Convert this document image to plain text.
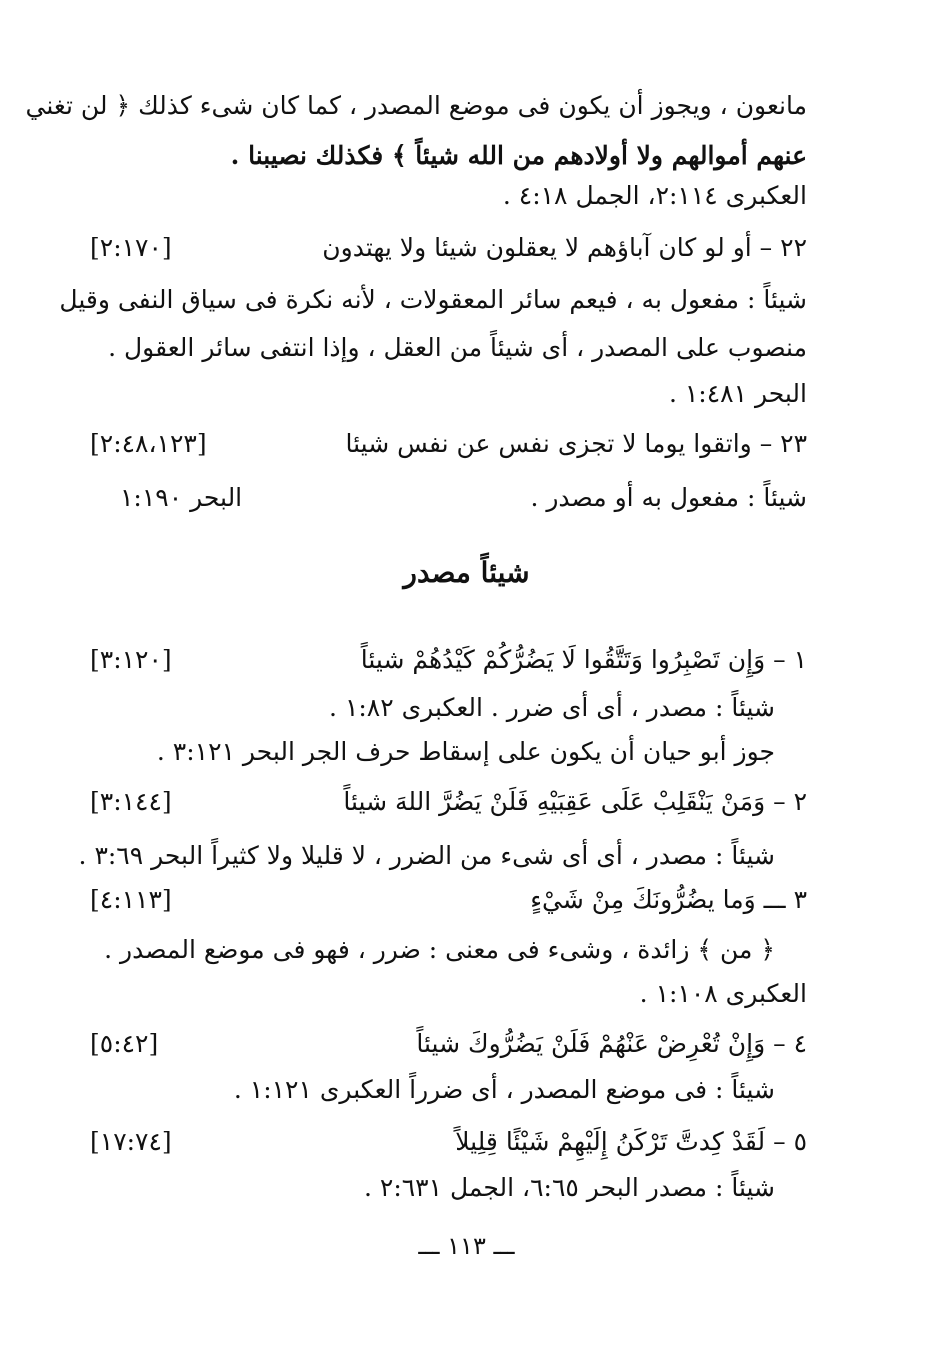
مانعون ، ويجوز أن يكون فى موضع المصدر ، كما كان شىء كذلك ﴿ لن تغني
عنهم أموالهم ولا أولادهم من الله شيئاً ﴾ فكذلك نصيبنا .
العكبرى ٢:١١٤، الجمل ٤:١٨ .
٢٢ – أو لو كان آباؤهم لا يعقلون شيئا ولا يهتدون
[٢:١٧٠]
شيئاً : مفعول به ، فيعم سائر المعقولات ، لأنه نكرة فى سياق النفى وقيل
منصوب على المصدر ، أى شيئاً من العقل ، وإذا انتفى سائر العقول .
البحر ١:٤٨١ .
٢٣ – واتقوا يوما لا تجزى نفس عن نفس شيئا
[٢:٤٨،١٢٣]
شيئاً : مفعول به أو مصدر .
البحر ١:١٩٠
شيئاً مصدر
١ – وَإِن تَصْبِرُوا وَتَتَّقُوا لَا يَضُرُّكُمْ كَيْدُهُمْ شيئاً
[٣:١٢٠]
شيئاً : مصدر ، أى أى ضرر . العكبرى ١:٨٢ .
جوز أبو حيان أن يكون على إسقاط حرف الجر البحر ٣:١٢١ .
٢ – وَمَنْ يَنْقَلِبْ عَلَى عَقِبَيْهِ فَلَنْ يَضُرَّ اللهَ شيئاً
[٣:١٤٤]
شيئاً : مصدر ، أى أى شىء من الضرر ، لا قليلا ولا كثيراً البحر ٣:٦٩ .
٣ ـــ وَما يضُرُّونَكَ مِنْ شَيْءٍ
[٤:١١٣]
﴿ من ﴾ زائدة ، وشىء فى معنى : ضرر ، فهو فى موضع المصدر .
العكبرى ١:١٠٨ .
٤ – وَإِنْ تُعْرِضْ عَنْهُمْ فَلَنْ يَضُرُّوكَ شيئاً
[٥:٤٢]
شيئاً : فى موضع المصدر ، أى ضرراً العكبرى ١:١٢١ .
٥ – لَقَدْ كِدتَّ تَرْكَنُ إِلَيْهِمْ شَيْئًا قِلِيلاً
[١٧:٧٤]
شيئاً : مصدر البحر ٦:٦٥، الجمل ٢:٦٣١ .
ـــ ١١٣ ـــ
